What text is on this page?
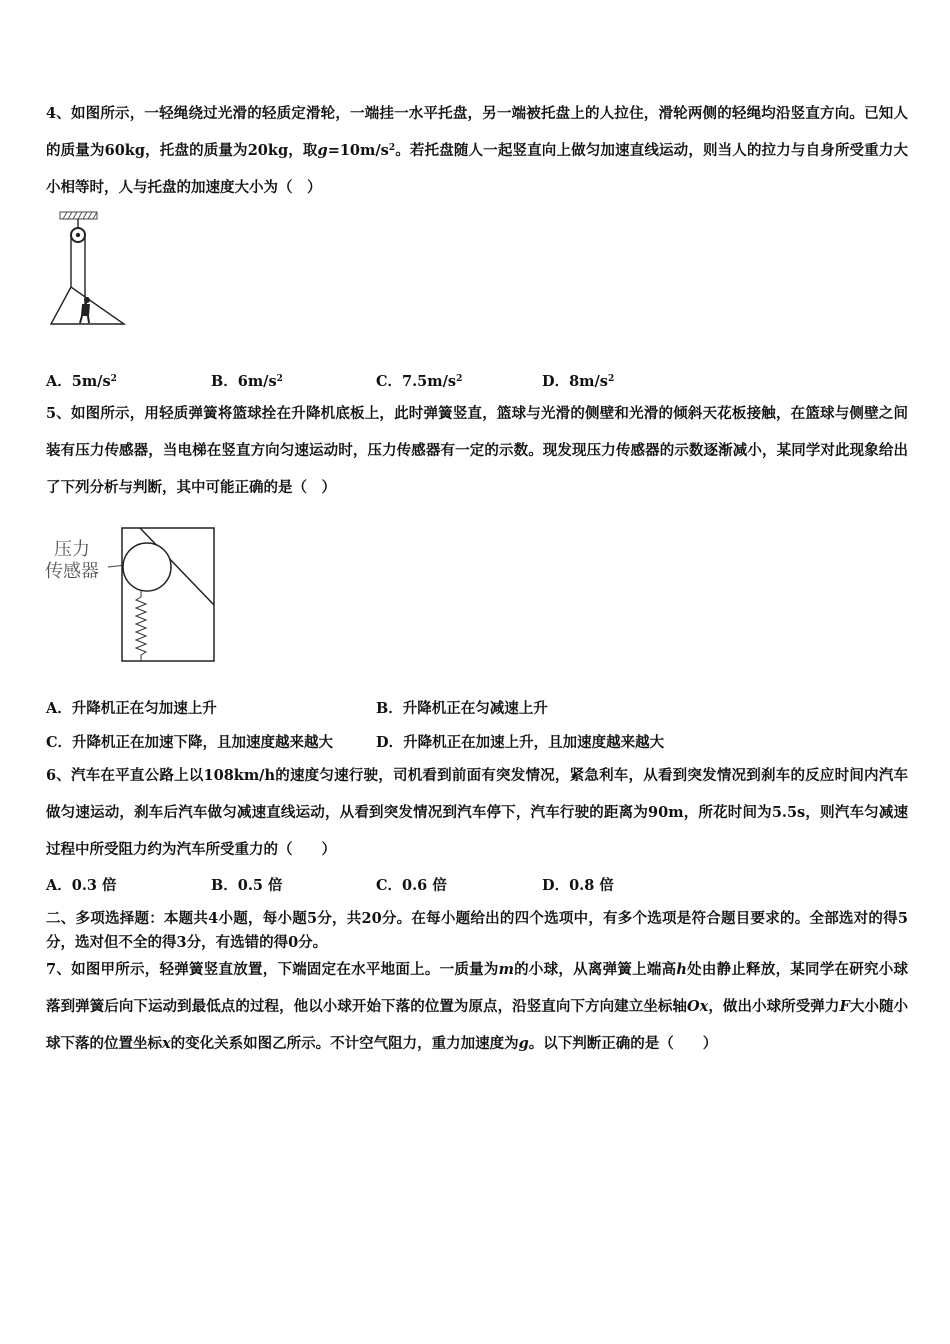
4、如图所示，一轻绳绕过光滑的轻质定滑轮，一端挂一水平托盘，另一端被托盘上的人拉住，滑轮两侧的轻绳均沿竖直方向。已知人的质量为60kg，托盘的质量为20kg，取$g=10m/s^2$。若托盘随人一起竖直向上做匀加速直线运动，则当人的拉力与自身所受重力大小相等时，人与托盘的加速度大小为（　）

A．$5m/s^2$	B．$6m/s^2$	C．$7.5m/s^2$	D．$8m/s^2$

5、如图所示，用轻质弹簧将篮球拴在升降机底板上，此时弹簧竖直，篮球与光滑的侧壁和光滑的倾斜天花板接触，在篮球与侧壁之间装有压力传感器，当电梯在竖直方向匀速运动时，压力传感器有一定的示数。现发现压力传感器的示数逐渐减小，某同学对此现象给出了下列分析与判断，其中可能正确的是（　）

压力
传感器
A．升降机正在匀加速上升	B．升降机正在匀减速上升
C．升降机正在加速下降，且加速度越来越大	D．升降机正在加速上升，且加速度越来越大

6、汽车在平直公路上以108km/h的速度匀速行驶，司机看到前面有突发情况，紧急利车，从看到突发情况到刹车的反应时间内汽车做匀速运动，刹车后汽车做匀减速直线运动，从看到突发情况到汽车停下，汽车行驶的距离为90m，所花时间为5.5s，则汽车匀减速过程中所受阻力约为汽车所受重力的（　　）

A．0.3 倍	B．0.5 倍	C．0.6 倍	D．0.8 倍

二、多项选择题：本题共4小题，每小题5分，共20分。在每小题给出的四个选项中，有多个选项是符合题目要求的。全部选对的得5分，选对但不全的得3分，有选错的得0分。

7、如图甲所示，轻弹簧竖直放置，下端固定在水平地面上。一质量为m的小球，从离弹簧上端高h处由静止释放，某同学在研究小球落到弹簧后向下运动到最低点的过程，他以小球开始下落的位置为原点，沿竖直向下方向建立坐标轴Ox，做出小球所受弹力F大小随小球下落的位置坐标x的变化关系如图乙所示。不计空气阻力，重力加速度为g。以下判断正确的是（　　）
